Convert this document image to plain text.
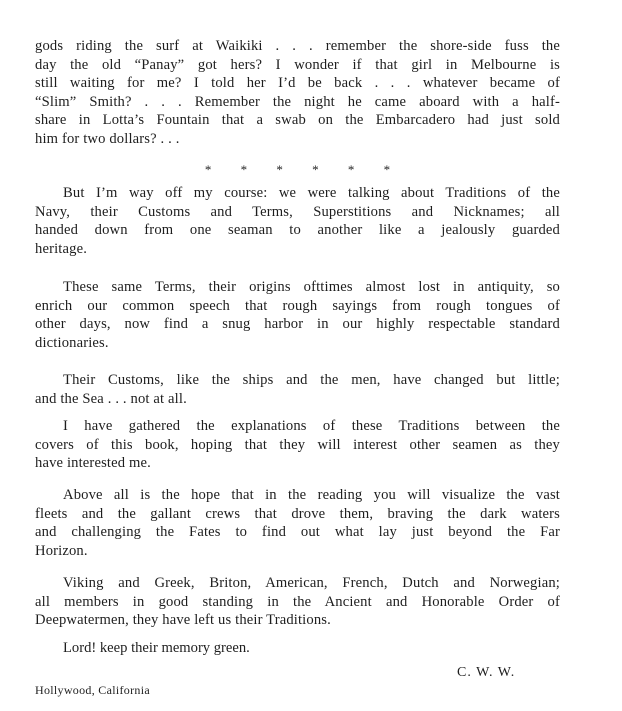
gods riding the surf at Waikiki . . . remember the shore-side fuss the
day the old “Panay” got hers? I wonder if that girl in Melbourne is
still waiting for me? I told her I’d be back . . . whatever became of
“Slim” Smith? . . . Remember the night he came aboard with a half-
share in Lotta’s Fountain that a swab on the Embarcadero had just sold
him for two dollars? . . .
* * * * * *
But I’m way off my course: we were talking about Traditions of the
Navy, their Customs and Terms, Superstitions and Nicknames; all
handed down from one seaman to another like a jealously guarded
heritage.
These same Terms, their origins ofttimes almost lost in antiquity, so
enrich our common speech that rough sayings from rough tongues of
other days, now find a snug harbor in our highly respectable standard
dictionaries.
Their Customs, like the ships and the men, have changed but little;
and the Sea . . . not at all.
I have gathered the explanations of these Traditions between the
covers of this book, hoping that they will interest other seamen as they
have interested me.
Above all is the hope that in the reading you will visualize the vast
fleets and the gallant crews that drove them, braving the dark waters
and challenging the Fates to find out what lay just beyond the Far
Horizon.
Viking and Greek, Briton, American, French, Dutch and Norwegian;
all members in good standing in the Ancient and Honorable Order of
Deepwatermen, they have left us their Traditions.
Lord! keep their memory green.
C. W. W.
Hollywood, California
